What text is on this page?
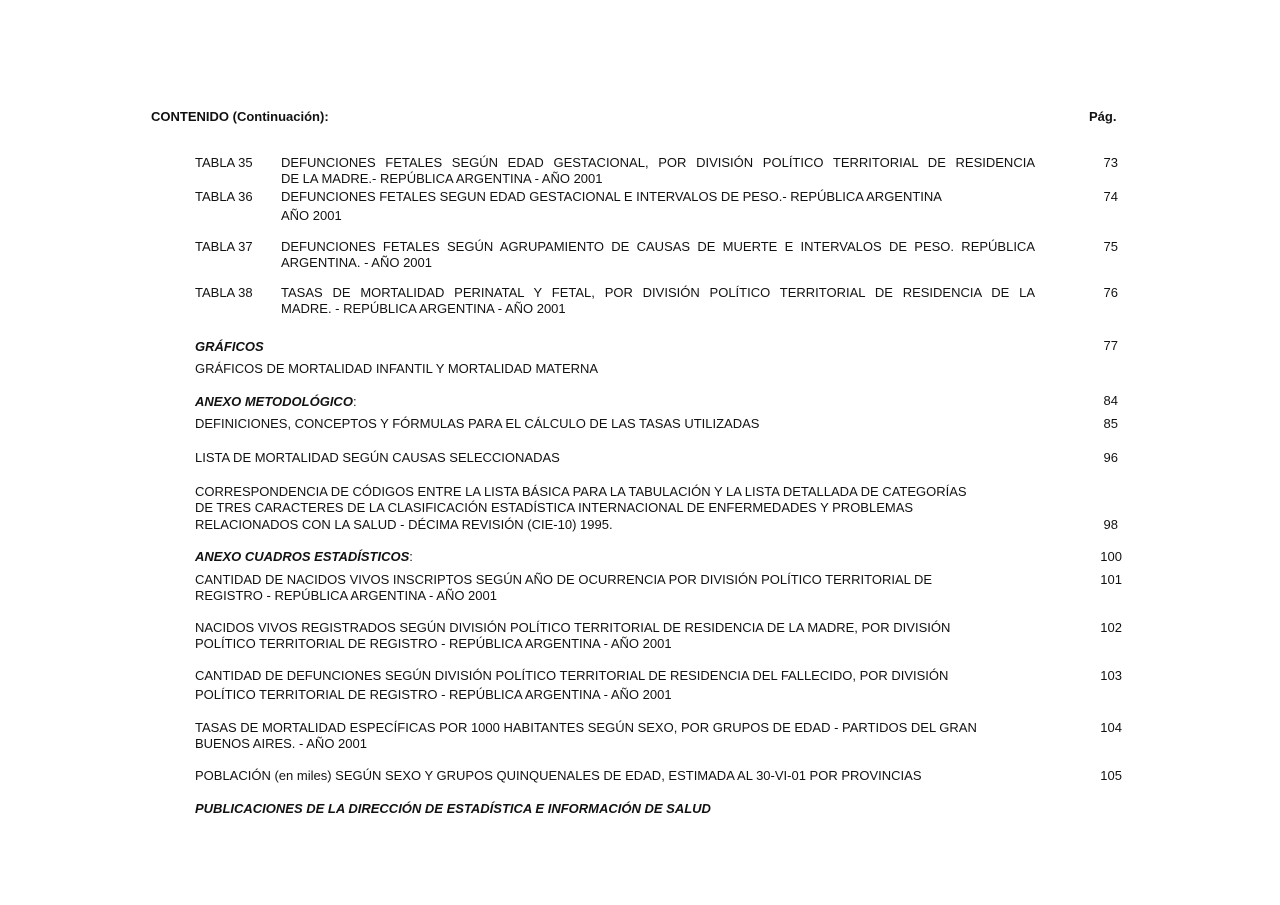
CONTENIDO (Continuación):	Pág.
TABLA 35 DEFUNCIONES FETALES SEGÚN EDAD GESTACIONAL, POR DIVISIÓN POLÍTICO TERRITORIAL DE RESIDENCIA
DE LA MADRE.- REPÚBLICA ARGENTINA - AÑO 2001
73
TABLA 36 DEFUNCIONES FETALES SEGUN EDAD GESTACIONAL E INTERVALOS DE PESO.- REPÚBLICA ARGENTINA
AÑO 2001
74
TABLA 37 DEFUNCIONES FETALES SEGÚN AGRUPAMIENTO DE CAUSAS DE MUERTE E INTERVALOS DE PESO. REPÚBLICA
ARGENTINA. - AÑO 2001
75
TABLA 38 TASAS DE MORTALIDAD PERINATAL Y FETAL, POR DIVISIÓN POLÍTICO TERRITORIAL DE RESIDENCIA DE LA
MADRE. - REPÚBLICA ARGENTINA - AÑO 2001
76
GRÁFICOS	77
GRÁFICOS DE MORTALIDAD INFANTIL Y MORTALIDAD MATERNA
ANEXO METODOLÓGICO:	84
DEFINICIONES, CONCEPTOS Y FÓRMULAS PARA EL CÁLCULO DE LAS TASAS UTILIZADAS	85
LISTA DE MORTALIDAD SEGÚN CAUSAS SELECCIONADAS	96
CORRESPONDENCIA DE CÓDIGOS ENTRE LA LISTA BÁSICA PARA LA TABULACIÓN Y LA LISTA DETALLADA DE CATEGORÍAS
DE TRES CARACTERES DE LA CLASIFICACIÓN ESTADÍSTICA INTERNACIONAL DE ENFERMEDADES Y PROBLEMAS
RELACIONADOS CON LA SALUD - DÉCIMA REVISIÓN (CIE-10) 1995.	98
ANEXO CUADROS ESTADÍSTICOS:	100
CANTIDAD DE NACIDOS VIVOS INSCRIPTOS SEGÚN AÑO DE OCURRENCIA POR DIVISIÓN POLÍTICO TERRITORIAL DE
REGISTRO - REPÚBLICA ARGENTINA - AÑO 2001
101
NACIDOS VIVOS REGISTRADOS SEGÚN DIVISIÓN POLÍTICO TERRITORIAL DE RESIDENCIA DE LA MADRE, POR DIVISIÓN
POLÍTICO TERRITORIAL DE REGISTRO - REPÚBLICA ARGENTINA - AÑO 2001
102
CANTIDAD DE DEFUNCIONES SEGÚN DIVISIÓN POLÍTICO TERRITORIAL DE RESIDENCIA DEL FALLECIDO, POR DIVISIÓN
POLÍTICO TERRITORIAL DE REGISTRO - REPÚBLICA ARGENTINA - AÑO 2001
103
TASAS DE MORTALIDAD ESPECÍFICAS POR 1000 HABITANTES SEGÚN SEXO, POR GRUPOS DE EDAD - PARTIDOS DEL GRAN
BUENOS AIRES. - AÑO 2001
104
POBLACIÓN (en miles) SEGÚN SEXO Y GRUPOS QUINQUENALES DE EDAD, ESTIMADA AL 30-VI-01 POR PROVINCIAS	105
PUBLICACIONES DE LA DIRECCIÓN DE ESTADÍSTICA E INFORMACIÓN DE SALUD
